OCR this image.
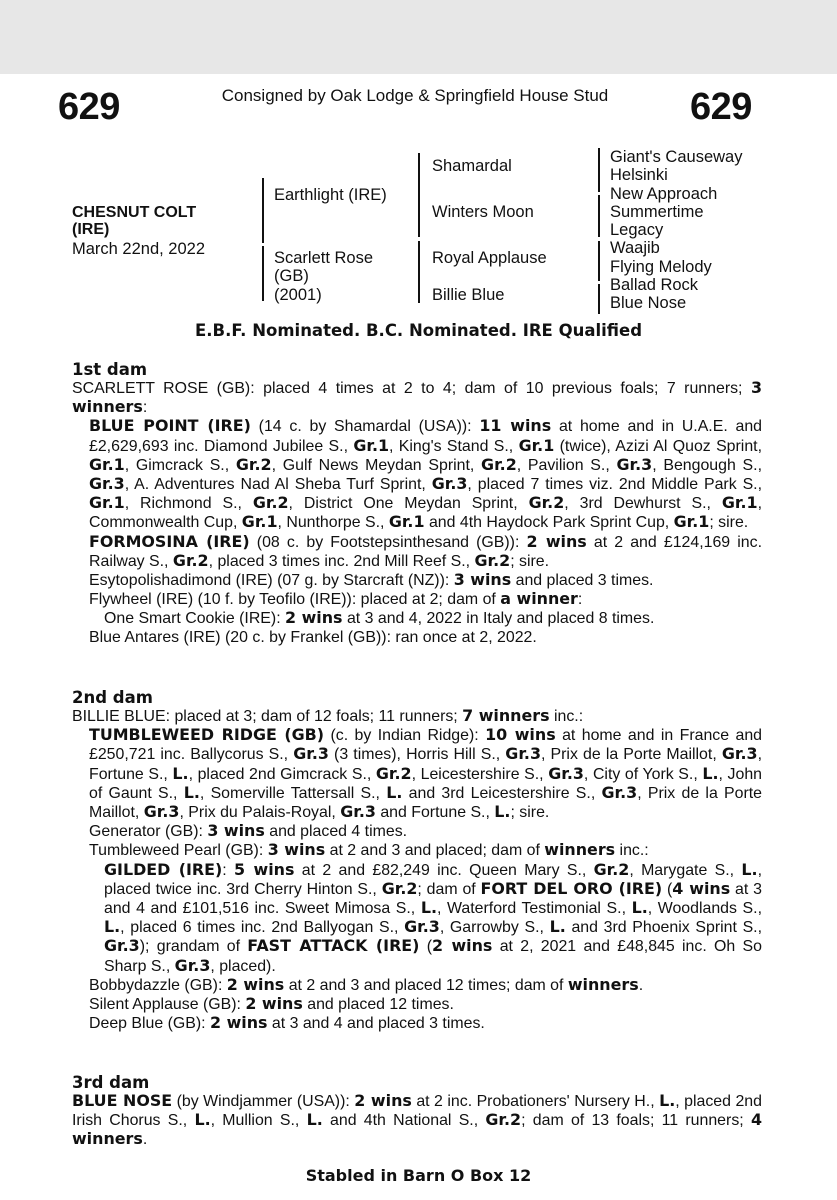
629	Consigned by Oak Lodge & Springfield House Stud	629
CHESNUT COLT
(IRE)
March 22nd, 2022
Earthlight (IRE)
Scarlett Rose
(GB)
(2001)
Shamardal
Winters Moon
Royal Applause
Billie Blue
Giant's Causeway
Helsinki
New Approach
Summertime
Legacy
Waajib
Flying Melody
Ballad Rock
Blue Nose
E.B.F. Nominated. B.C. Nominated. IRE Qualified
1st dam

SCARLETT ROSE (GB): placed 4 times at 2 to 4; dam of 10 previous foals; 7 runners; 3 winners:

BLUE POINT (IRE) (14 c. by Shamardal (USA)): 11 wins at home and in U.A.E. and £2,629,693 inc. Diamond Jubilee S., Gr.1, King's Stand S., Gr.1 (twice), Azizi Al Quoz Sprint, Gr.1, Gimcrack S., Gr.2, Gulf News Meydan Sprint, Gr.2, Pavilion S., Gr.3, Bengough S., Gr.3, A. Adventures Nad Al Sheba Turf Sprint, Gr.3, placed 7 times viz. 2nd Middle Park S., Gr.1, Richmond S., Gr.2, District One Meydan Sprint, Gr.2, 3rd Dewhurst S., Gr.1, Commonwealth Cup, Gr.1, Nunthorpe S., Gr.1 and 4th Haydock Park Sprint Cup, Gr.1; sire.

FORMOSINA (IRE) (08 c. by Footstepsinthesand (GB)): 2 wins at 2 and £124,169 inc. Railway S., Gr.2, placed 3 times inc. 2nd Mill Reef S., Gr.2; sire.

Esytopolishadimond (IRE) (07 g. by Starcraft (NZ)): 3 wins and placed 3 times.

Flywheel (IRE) (10 f. by Teofilo (IRE)): placed at 2; dam of a winner:

One Smart Cookie (IRE): 2 wins at 3 and 4, 2022 in Italy and placed 8 times.

Blue Antares (IRE) (20 c. by Frankel (GB)): ran once at 2, 2022.

2nd dam

BILLIE BLUE: placed at 3; dam of 12 foals; 11 runners; 7 winners inc.:

TUMBLEWEED RIDGE (GB) (c. by Indian Ridge): 10 wins at home and in France and £250,721 inc. Ballycorus S., Gr.3 (3 times), Horris Hill S., Gr.3, Prix de la Porte Maillot, Gr.3, Fortune S., L., placed 2nd Gimcrack S., Gr.2, Leicestershire S., Gr.3, City of York S., L., John of Gaunt S., L., Somerville Tattersall S., L. and 3rd Leicestershire S., Gr.3, Prix de la Porte Maillot, Gr.3, Prix du Palais-Royal, Gr.3 and Fortune S., L.; sire.

Generator (GB): 3 wins and placed 4 times.

Tumbleweed Pearl (GB): 3 wins at 2 and 3 and placed; dam of winners inc.:

GILDED (IRE): 5 wins at 2 and £82,249 inc. Queen Mary S., Gr.2, Marygate S., L., placed twice inc. 3rd Cherry Hinton S., Gr.2; dam of FORT DEL ORO (IRE) (4 wins at 3 and 4 and £101,516 inc. Sweet Mimosa S., L., Waterford Testimonial S., L., Woodlands S., L., placed 6 times inc. 2nd Ballyogan S., Gr.3, Garrowby S., L. and 3rd Phoenix Sprint S., Gr.3); grandam of FAST ATTACK (IRE) (2 wins at 2, 2021 and £48,845 inc. Oh So Sharp S., Gr.3, placed).

Bobbydazzle (GB): 2 wins at 2 and 3 and placed 12 times; dam of winners.

Silent Applause (GB): 2 wins and placed 12 times.

Deep Blue (GB): 2 wins at 3 and 4 and placed 3 times.

3rd dam

BLUE NOSE (by Windjammer (USA)): 2 wins at 2 inc. Probationers' Nursery H., L., placed 2nd Irish Chorus S., L., Mullion S., L. and 4th National S., Gr.2; dam of 13 foals; 11 runners; 4 winners.

Stabled in Barn O Box 12
